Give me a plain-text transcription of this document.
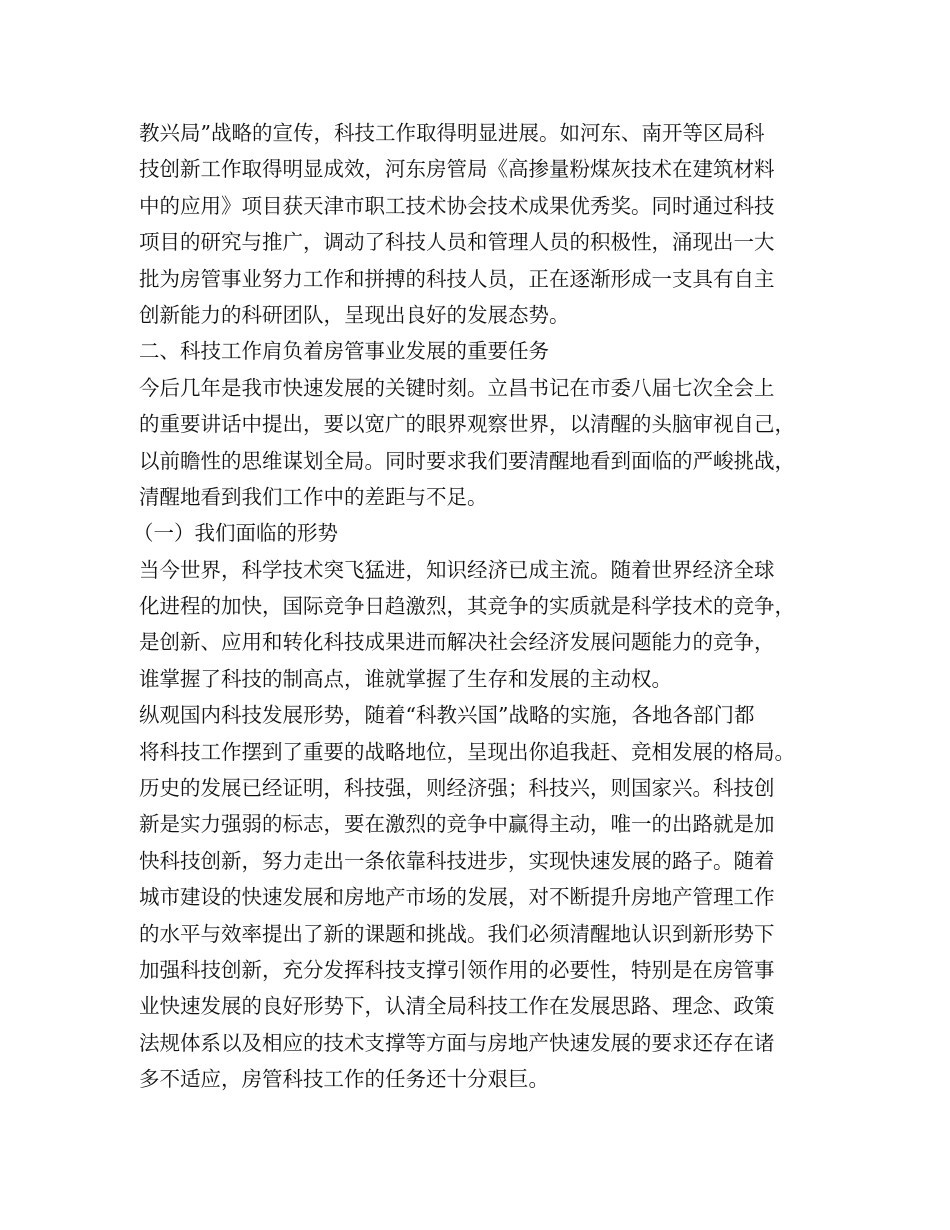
教兴局”战略的宣传，科技工作取得明显进展。如河东、南开等区局科
技创新工作取得明显成效，河东房管局《高掺量粉煤灰技术在建筑材料
中的应用》项目获天津市职工技术协会技术成果优秀奖。同时通过科技
项目的研究与推广，调动了科技人员和管理人员的积极性，涌现出一大
批为房管事业努力工作和拼搏的科技人员，正在逐渐形成一支具有自主
创新能力的科研团队，呈现出良好的发展态势。
二、科技工作肩负着房管事业发展的重要任务
今后几年是我市快速发展的关键时刻。立昌书记在市委八届七次全会上
的重要讲话中提出，要以宽广的眼界观察世界，以清醒的头脑审视自己，
以前瞻性的思维谋划全局。同时要求我们要清醒地看到面临的严峻挑战，
清醒地看到我们工作中的差距与不足。
（一）我们面临的形势
当今世界，科学技术突飞猛进，知识经济已成主流。随着世界经济全球
化进程的加快，国际竞争日趋激烈，其竞争的实质就是科学技术的竞争，
是创新、应用和转化科技成果进而解决社会经济发展问题能力的竞争，
谁掌握了科技的制高点，谁就掌握了生存和发展的主动权。
纵观国内科技发展形势，随着“科教兴国”战略的实施，各地各部门都
将科技工作摆到了重要的战略地位，呈现出你追我赶、竞相发展的格局。
历史的发展已经证明，科技强，则经济强；科技兴，则国家兴。科技创
新是实力强弱的标志，要在激烈的竞争中赢得主动，唯一的出路就是加
快科技创新，努力走出一条依靠科技进步，实现快速发展的路子。随着
城市建设的快速发展和房地产市场的发展，对不断提升房地产管理工作
的水平与效率提出了新的课题和挑战。我们必须清醒地认识到新形势下
加强科技创新，充分发挥科技支撑引领作用的必要性，特别是在房管事
业快速发展的良好形势下，认清全局科技工作在发展思路、理念、政策
法规体系以及相应的技术支撑等方面与房地产快速发展的要求还存在诸
多不适应，房管科技工作的任务还十分艰巨。
